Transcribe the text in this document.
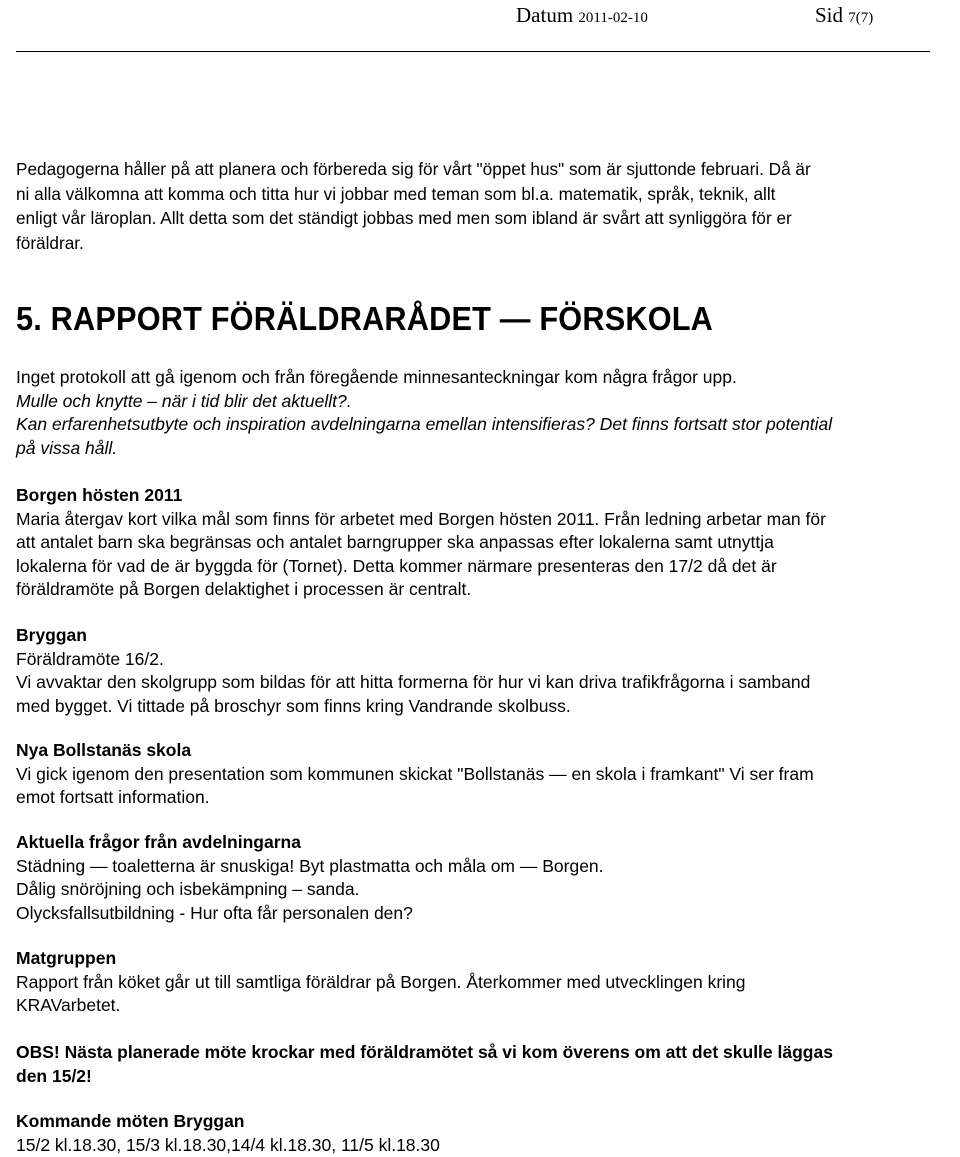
Datum 2011-02-10	Sid 7(7)
Pedagogerna håller på att planera och förbereda sig för vårt "öppet hus" som är sjuttonde februari. Då är
ni alla välkomna att komma och titta hur vi jobbar med teman som bl.a. matematik, språk, teknik, allt
enligt vår läroplan. Allt detta som det ständigt jobbas med men som ibland är svårt att synliggöra för er
föräldrar.
5. RAPPORT FÖRÄLDRARÅDET — FÖRSKOLA
Inget protokoll att gå igenom och från föregående minnesanteckningar kom några frågor upp.
Mulle och knytte – när i tid blir det aktuellt?.
Kan erfarenhetsutbyte och inspiration avdelningarna emellan intensifieras? Det finns fortsatt stor potential
på vissa håll.
Borgen hösten 2011
Maria återgav kort vilka mål som finns för arbetet med Borgen hösten 2011. Från ledning arbetar man för
att antalet barn ska begränsas och antalet barngrupper ska anpassas efter lokalerna samt utnyttja
lokalerna för vad de är byggda för (Tornet). Detta kommer närmare presenteras den 17/2 då det är
föräldramöte på Borgen delaktighet i processen är centralt.
Bryggan
Föräldramöte 16/2.
Vi avvaktar den skolgrupp som bildas för att hitta formerna för hur vi kan driva trafikfrågorna i samband
med bygget. Vi tittade på broschyr som finns kring Vandrande skolbuss.
Nya Bollstanäs skola
Vi gick igenom den presentation som kommunen skickat "Bollstanäs — en skola i framkant" Vi ser fram
emot fortsatt information.
Aktuella frågor från avdelningarna
Städning — toaletterna är snuskiga! Byt plastmatta och måla om — Borgen.
Dålig snöröjning och isbekämpning – sanda.
Olycksfallsutbildning - Hur ofta får personalen den?
Matgruppen
Rapport från köket går ut till samtliga föräldrar på Borgen. Återkommer med utvecklingen kring
KRAVarbetet.
OBS! Nästa planerade möte krockar med föräldramötet så vi kom överens om att det skulle läggas
den 15/2!
Kommande möten Bryggan
15/2 kl.18.30, 15/3 kl.18.30,14/4 kl.18.30, 11/5 kl.18.30
